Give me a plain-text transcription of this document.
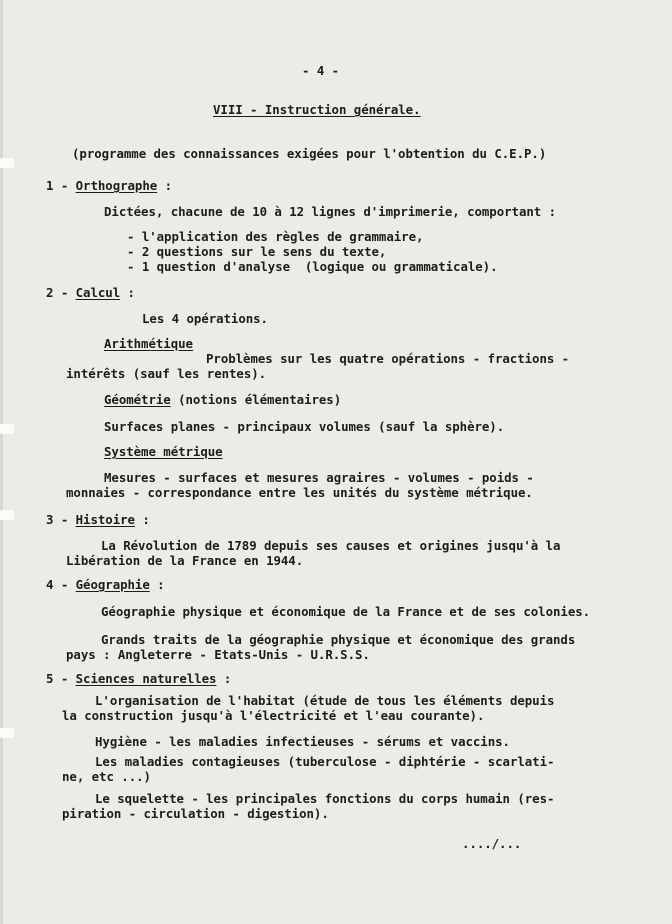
- 4 -
VIII - Instruction générale.
(programme des connaissances exigées pour l'obtention du C.E.P.)
1 - Orthographe :
Dictées, chacune de 10 à 12 lignes d'imprimerie, comportant :
- l'application des règles de grammaire,
- 2 questions sur le sens du texte,
- 1 question d'analyse  (logique ou grammaticale).
2 - Calcul :
Les 4 opérations.
Arithmétique
Problèmes sur les quatre opérations - fractions -
intérêts (sauf les rentes).
Géométrie (notions élémentaires)
Surfaces planes - principaux volumes (sauf la sphère).
Système métrique
Mesures - surfaces et mesures agraires - volumes - poids -
monnaies - correspondance entre les unités du système métrique.
3 - Histoire :
La Révolution de 1789 depuis ses causes et origines jusqu'à la
Libération de la France en 1944.
4 - Géographie :
Géographie physique et économique de la France et de ses colonies.
Grands traits de la géographie physique et économique des grands
pays : Angleterre - Etats-Unis - U.R.S.S.
5 - Sciences naturelles :
L'organisation de l'habitat (étude de tous les éléments depuis
la construction jusqu'à l'électricité et l'eau courante).
Hygiène - les maladies infectieuses - sérums et vaccins.
Les maladies contagieuses (tuberculose - diphtérie - scarlati-
ne, etc ...)
Le squelette - les principales fonctions du corps humain (res-
piration - circulation - digestion).
..../...
